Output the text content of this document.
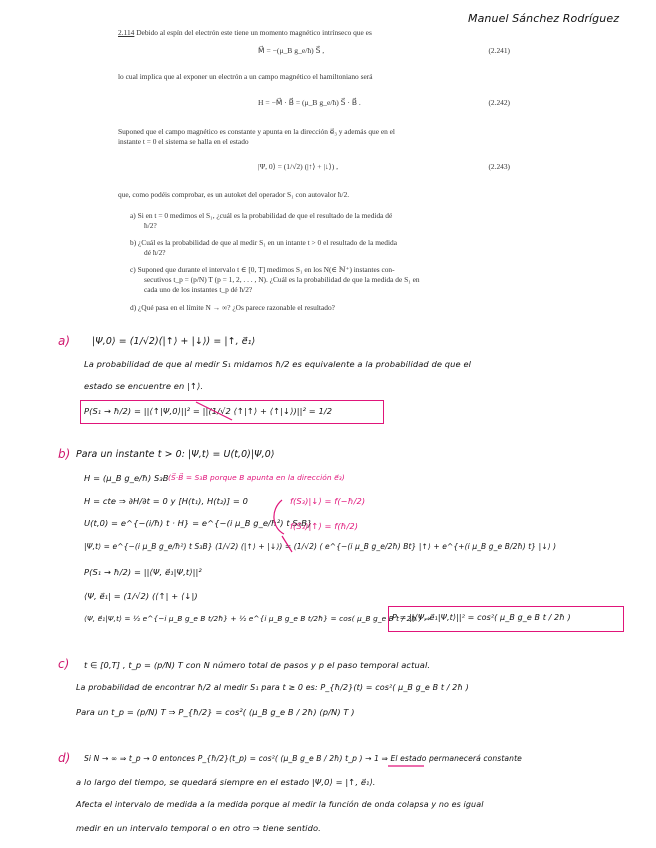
Manuel Sánchez Rodríguez
2.114 Debido al espín del electrón este tiene un momento magnético intrínseco que es
M⃗ = −(μ_B g_e/ħ) S⃗ ,	(2.241)
lo cual implica que al exponer un electrón a un campo magnético el hamiltoniano será
H = −M⃗ · B⃗ = (μ_B g_e/ħ) S⃗ · B⃗ .	(2.242)
Suponed que el campo magnético es constante y apunta en la dirección e⃗₃ y además que en el
instante t = 0 el sistema se halla en el estado
|Ψ, 0⟩ = (1/√2) (|↑⟩ + |↓⟩) ,	(2.243)
que, como podéis comprobar, es un autoket del operador S₁ con autovalor ħ/2.
a) Si en t = 0 medimos el S₁, ¿cuál es la probabilidad de que el resultado de la medida dé
ħ/2?
b) ¿Cuál es la probabilidad de que al medir S₁ en un intante t > 0 el resultado de la medida
dé ħ/2?
c) Suponed que durante el intervalo t ∈ [0, T] medimos S₁ en los N(∈ ℕ⁺) instantes con-
secutivos t_p = (p/N) T (p = 1, 2, . . . , N). ¿Cuál es la probabilidad de que la medida de S₁ en
cada uno de los instantes t_p dé ħ/2?
d) ¿Qué pasa en el límite N → ∞? ¿Os parece razonable el resultado?
a) |Ψ,0⟩ = (1/√2)(|↑⟩ + |↓⟩) = |↑, e⃗₁⟩
La probabilidad de que al medir S₁ midamos ħ/2 es equivalente a la probabilidad de que el
estado se encuentre en |↑⟩.
P(S₁ → ħ/2) = ||⟨↑|Ψ,0⟩||² = ||(1/√2 ⟨↑|↑⟩ + ⟨↑|↓⟩)||² = 1/2
b) Para un instante t > 0: |Ψ,t⟩ = U(t,0)|Ψ,0⟩
H = (μ_B g_e/ħ) S₃B (S⃗·B⃗ = S₃B porque B apunta en la dirección e⃗₃)
H = cte ⇒ ∂H/∂t = 0 y [H(t₁), H(t₂)] = 0	f(S₃)|↓⟩ = f(−ħ/2)
U(t,0) = e^{−(i/ħ) t · H} = e^{−(i μ_B g_e/ħ²) t S₃B}
f(S₃)|↑⟩ = f(ħ/2)
|Ψ,t⟩ = e^{−(i μ_B g_e/ħ²) t S₃B} (1/√2) (|↑⟩ + |↓⟩) = (1/√2) ( e^{−(i μ_B g_e/2ħ) Bt} |↑⟩ + e^{+(i μ_B g_e B/2ħ) t} |↓⟩ )
P(S₁ → ħ/2) = ||⟨Ψ, e⃗₁|Ψ,t⟩||²
⟨Ψ, e⃗₁| = (1/√2) (⟨↑| + ⟨↓|)
⟨Ψ, e⃗₁|Ψ,t⟩ = ½ e^{−i μ_B g_e B t/2ħ} + ½ e^{i μ_B g_e B t/2ħ} = cos( μ_B g_e B t / 2ħ ) ⇒
P = ||⟨Ψ, e⃗₁|Ψ,t⟩||² = cos²( μ_B g_e B t / 2ħ )
c) t ∈ [0,T] , t_p = (p/N) T con N número total de pasos y p el paso temporal actual.
La probabilidad de encontrar ħ/2 al medir S₁ para t ≥ 0 es: P_{ħ/2}(t) = cos²( μ_B g_e B t / 2ħ )
Para un t_p = (p/N) T ⇒ P_{ħ/2} = cos²( (μ_B g_e B / 2ħ) (p/N) T )
d) Si N → ∞ ⇒ t_p → 0 entonces P_{ħ/2}(t_p) = cos²( (μ_B g_e B / 2ħ) t_p ) → 1 ⇒ El estado permanecerá constante
a lo largo del tiempo, se quedará siempre en el estado |Ψ,0⟩ = |↑, e⃗₁⟩.
Afecta el intervalo de medida a la medida porque al medir la función de onda colapsa y no es igual
medir en un intervalo temporal o en otro ⇒ tiene sentido.
